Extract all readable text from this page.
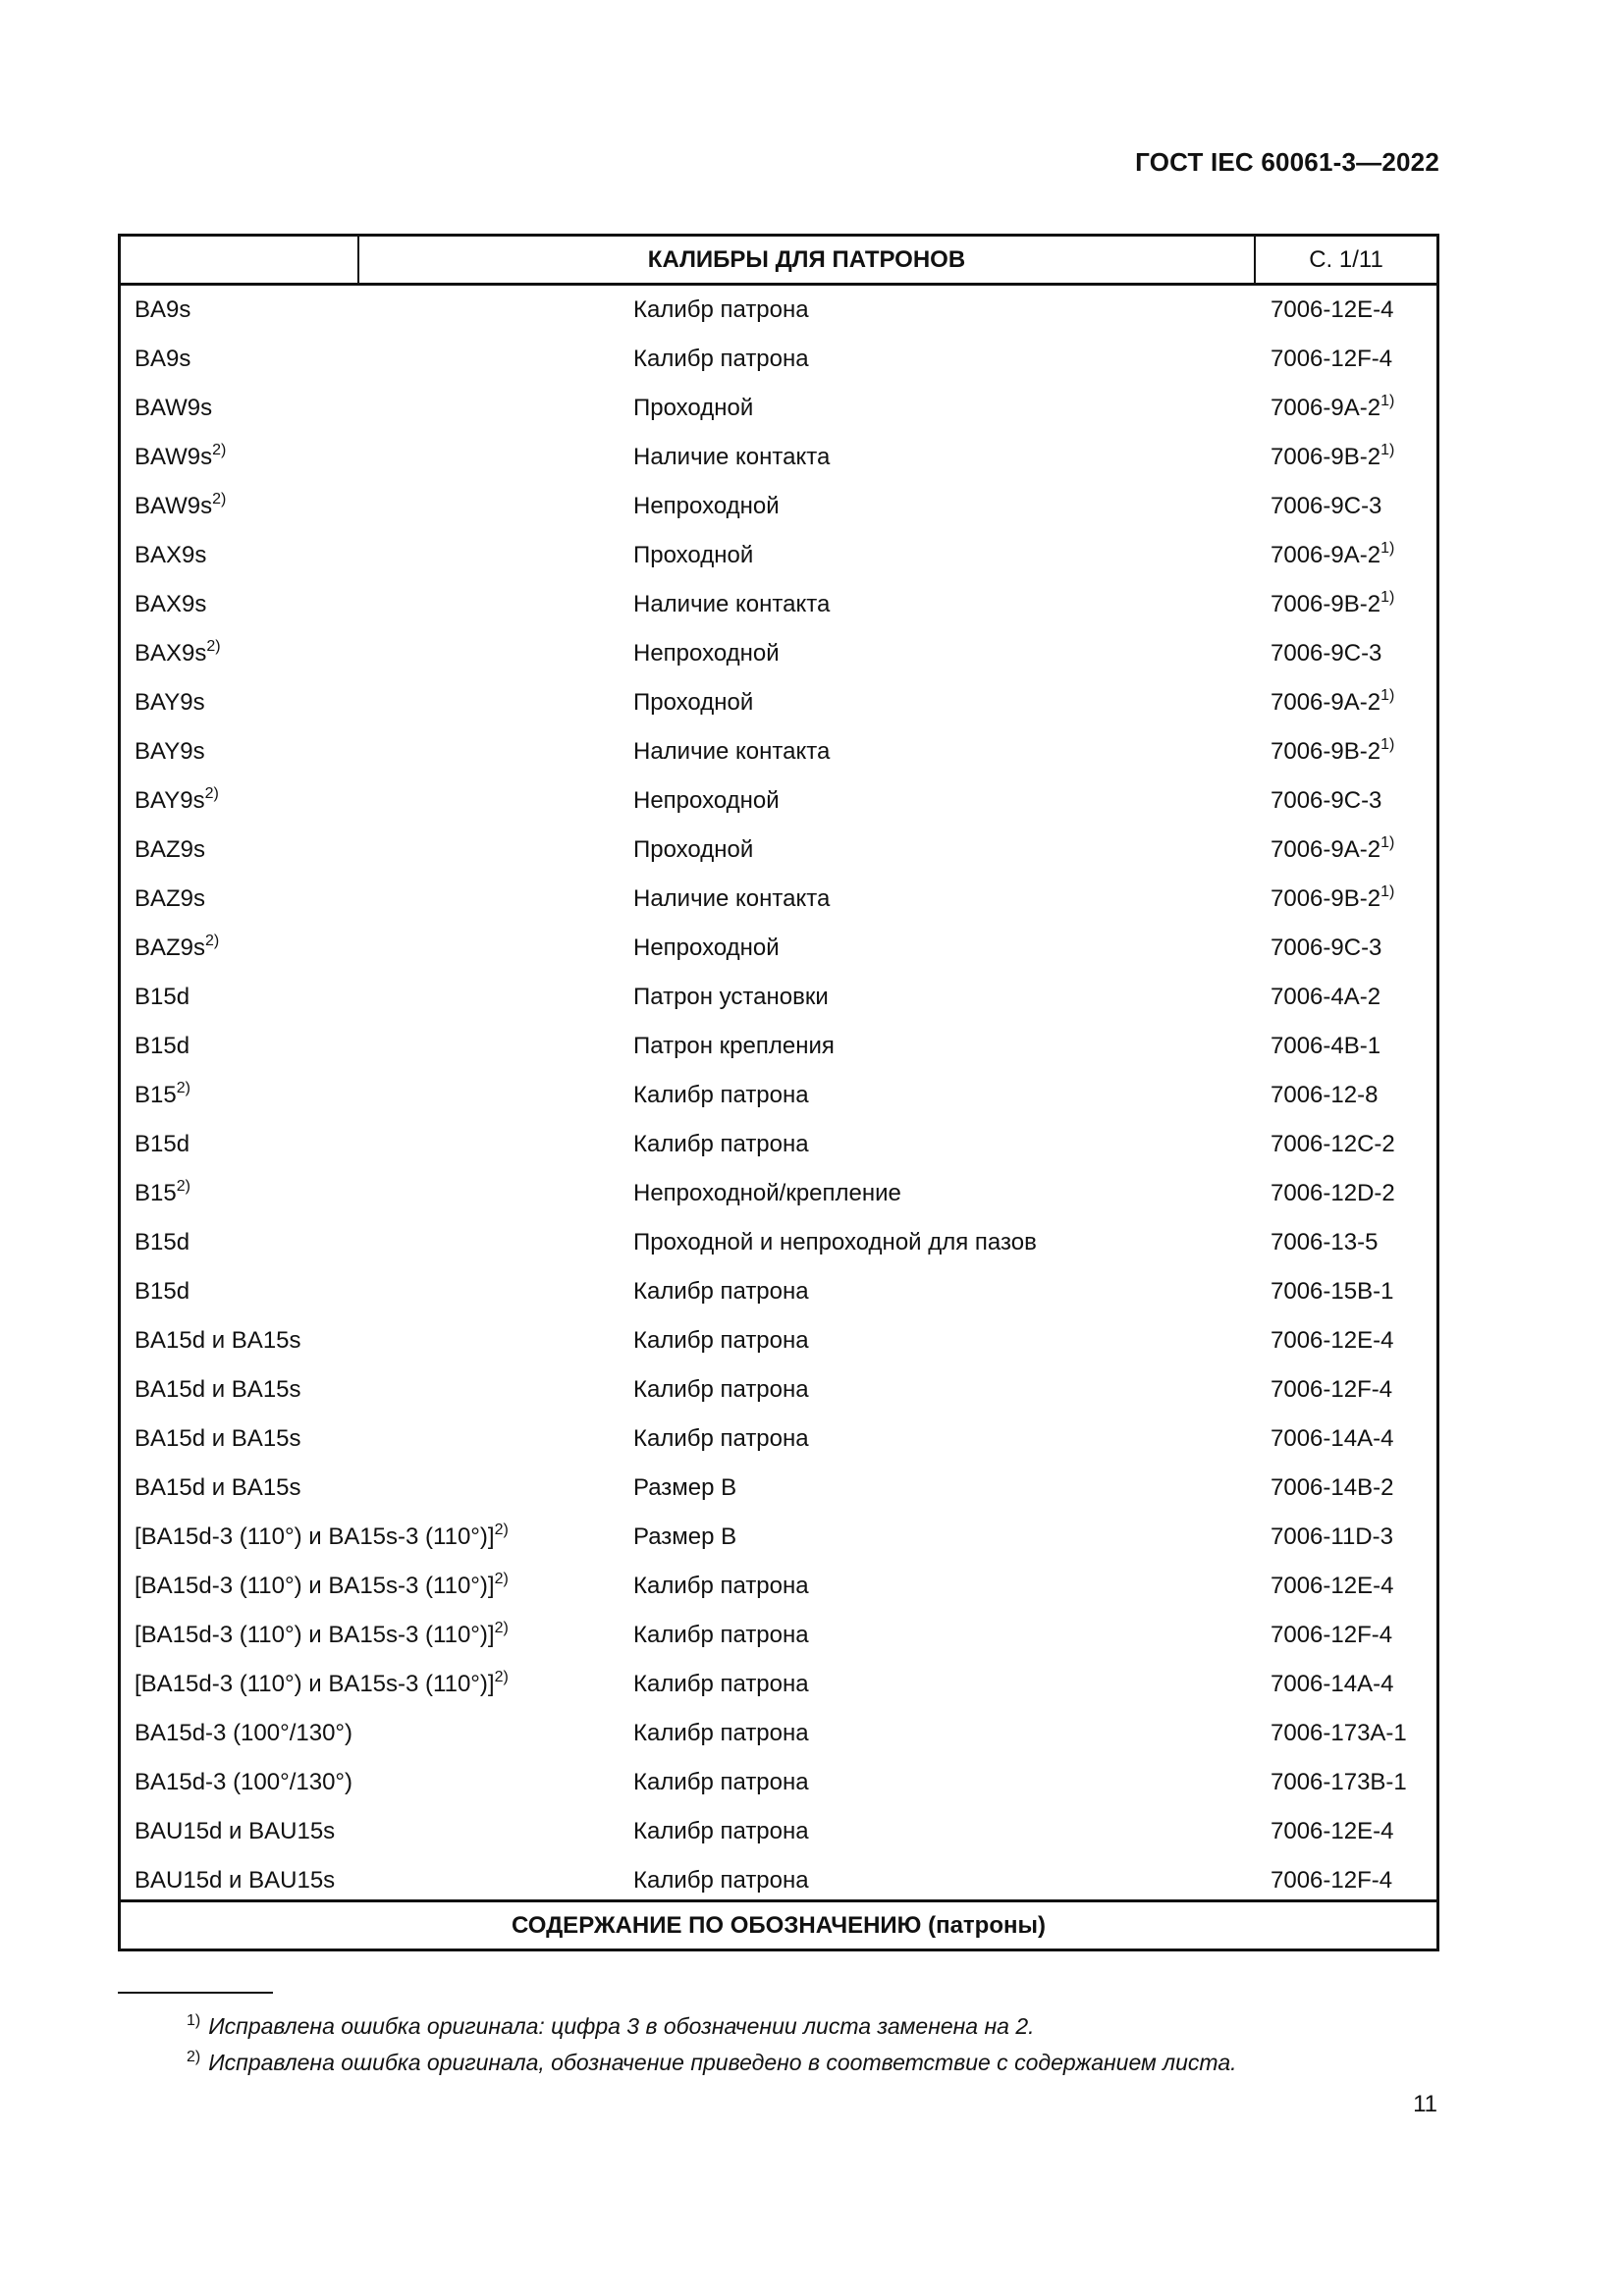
ГОСТ IEC 60061-3—2022
КАЛИБРЫ ДЛЯ ПАТРОНОВ	С. 1/11
BA9s	Калибр патрона	7006-12E-4
BA9s	Калибр патрона	7006-12F-4
BAW9s	Проходной	7006-9A-2$^{1)}$
$BAW9s^{2)}$	Наличие контакта	7006-9B-2$^{1)}$
$BAW9s^{2)}$	Непроходной	7006-9C-3
BAX9s	Проходной	7006-9A-2$^{1)}$
BAX9s	Наличие контакта	7006-9B-2$^{1)}$
$BAX9s^{2)}$	Непроходной	7006-9C-3
BAY9s	Проходной	7006-9A-2$^{1)}$
BAY9s	Наличие контакта	7006-9B-2$^{1)}$
$BAY9s^{2)}$	Непроходной	7006-9C-3
BAZ9s	Проходной	7006-9A-2$^{1)}$
BAZ9s	Наличие контакта	7006-9B-2$^{1)}$
$BAZ9s^{2)}$	Непроходной	7006-9C-3
B15d	Патрон установки	7006-4A-2
B15d	Патрон крепления	7006-4B-1
B15$^{2)}$	Калибр патрона	7006-12-8
B15d	Калибр патрона	7006-12C-2
B15$^{2)}$	Непроходной/крепление	7006-12D-2
B15d	Проходной и непроходной для пазов	7006-13-5
B15d	Калибр патрона	7006-15B-1
BA15d и BA15s	Калибр патрона	7006-12E-4
BA15d и BA15s	Калибр патрона	7006-12F-4
BA15d и BA15s	Калибр патрона	7006-14A-4
BA15d и BA15s	Размер B	7006-14B-2
[BA15d-3 (110°) и BA15s-3 (110°)]$^{2)}$	Размер B	7006-11D-3
[BA15d-3 (110°) и BA15s-3 (110°)]$^{2)}$	Калибр патрона	7006-12E-4
[BA15d-3 (110°) и BA15s-3 (110°)]$^{2)}$	Калибр патрона	7006-12F-4
[BA15d-3 (110°) и BA15s-3 (110°)]$^{2)}$	Калибр патрона	7006-14A-4
BA15d-3 (100°/130°)	Калибр патрона	7006-173A-1
BA15d-3 (100°/130°)	Калибр патрона	7006-173B-1
BAU15d и BAU15s	Калибр патрона	7006-12E-4
BAU15d и BAU15s	Калибр патрона	7006-12F-4
СОДЕРЖАНИЕ ПО ОБОЗНАЧЕНИЮ (патроны)
$^{1)}$ Исправлена ошибка оригинала: цифра 3 в обозначении листа заменена на 2.
$^{2)}$ Исправлена ошибка оригинала, обозначение приведено в соответствие с содержанием листа.
11
